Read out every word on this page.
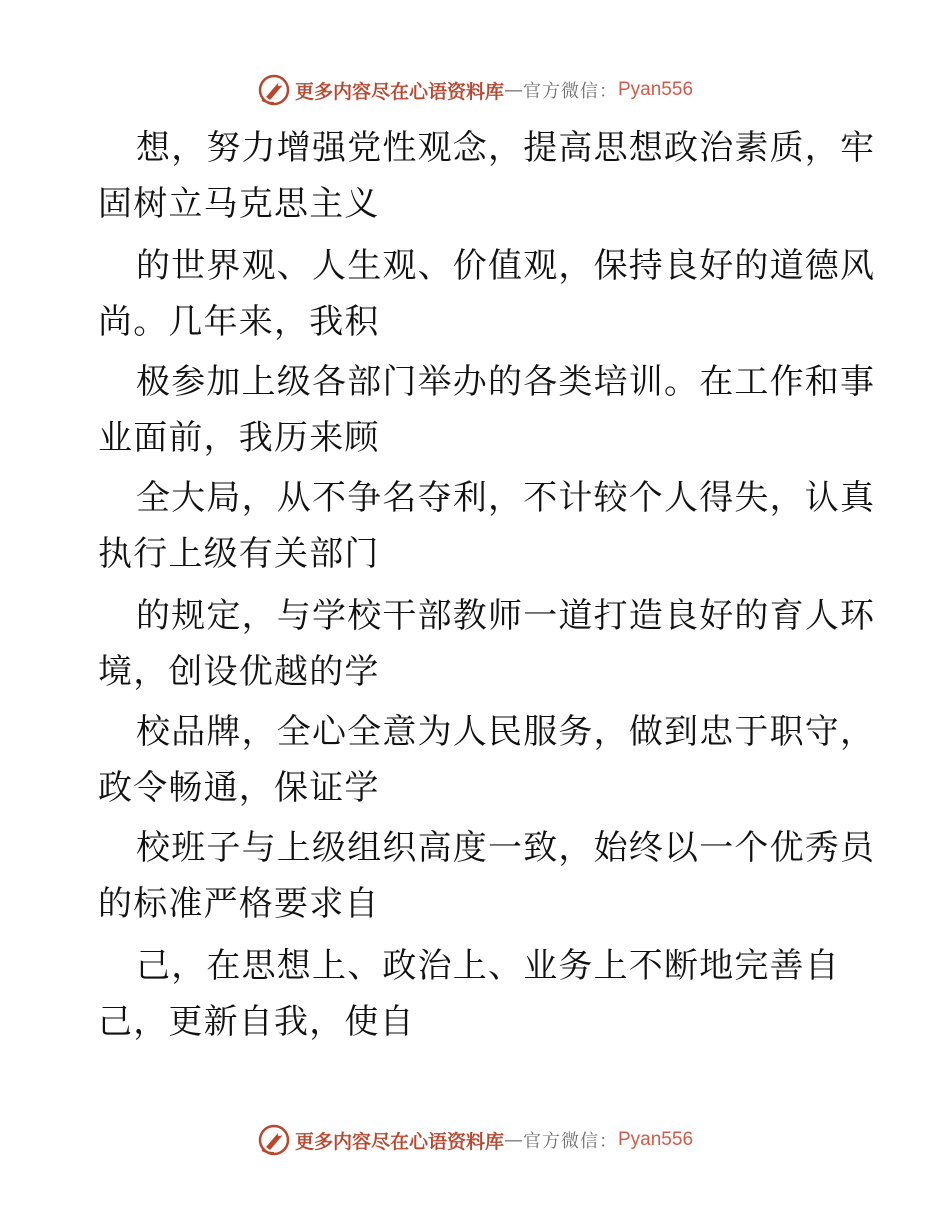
更多内容尽在心语资料库 — 官方微信： Pyan556
想，努力增强党性观念，提高思想政治素质，牢
固树立马克思主义
的世界观、人生观、价值观，保持良好的道德风
尚。几年来，我积
极参加上级各部门举办的各类培训。在工作和事
业面前，我历来顾
全大局，从不争名夺利，不计较个人得失，认真
执行上级有关部门
的规定，与学校干部教师一道打造良好的育人环
境，创设优越的学
校品牌，全心全意为人民服务，做到忠于职守，
政令畅通，保证学
校班子与上级组织高度一致，始终以一个优秀员
的标准严格要求自
己，在思想上、政治上、业务上不断地完善自
己，更新自我，使自
更多内容尽在心语资料库 — 官方微信： Pyan556
